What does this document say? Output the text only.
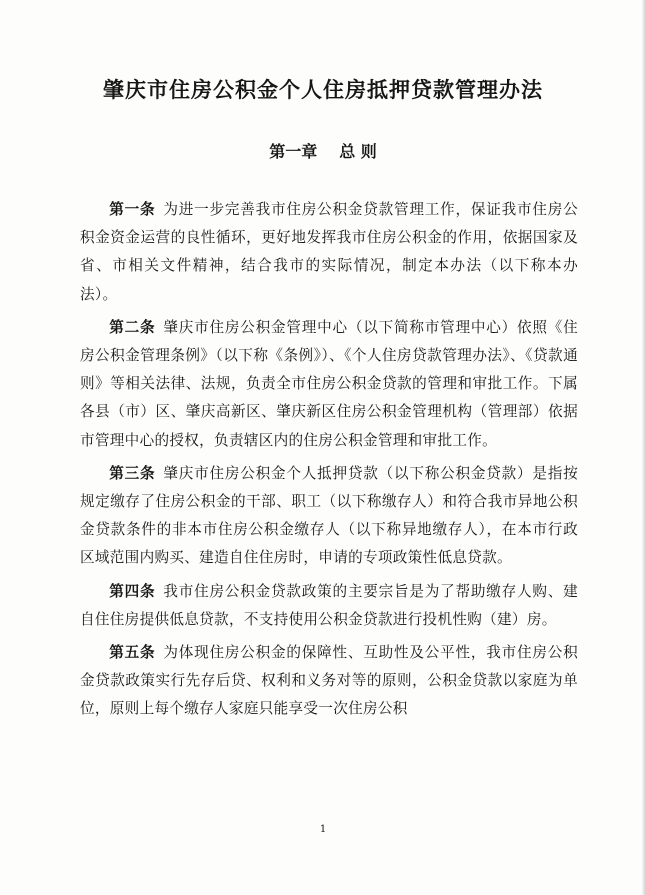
肇庆市住房公积金个人住房抵押贷款管理办法
第一章 总 则

第一条 为进一步完善我市住房公积金贷款管理工作，保证我市住房公积金资金运营的良性循环，更好地发挥我市住房公积金的作用，依据国家及省、市相关文件精神，结合我市的实际情况，制定本办法（以下称本办法）。

第二条 肇庆市住房公积金管理中心（以下简称市管理中心）依照《住房公积金管理条例》（以下称《条例》）、《个人住房贷款管理办法》、《贷款通则》等相关法律、法规，负责全市住房公积金贷款的管理和审批工作。下属各县（市）区、肇庆高新区、肇庆新区住房公积金管理机构（管理部）依据市管理中心的授权，负责辖区内的住房公积金管理和审批工作。

第三条 肇庆市住房公积金个人抵押贷款（以下称公积金贷款）是指按规定缴存了住房公积金的干部、职工（以下称缴存人）和符合我市异地公积金贷款条件的非本市住房公积金缴存人（以下称异地缴存人），在本市行政区域范围内购买、建造自住住房时，申请的专项政策性低息贷款。

第四条 我市住房公积金贷款政策的主要宗旨是为了帮助缴存人购、建自住住房提供低息贷款，不支持使用公积金贷款进行投机性购（建）房。

第五条 为体现住房公积金的保障性、互助性及公平性，我市住房公积金贷款政策实行先存后贷、权利和义务对等的原则，公积金贷款以家庭为单位，原则上每个缴存人家庭只能享受一次住房公积

1
